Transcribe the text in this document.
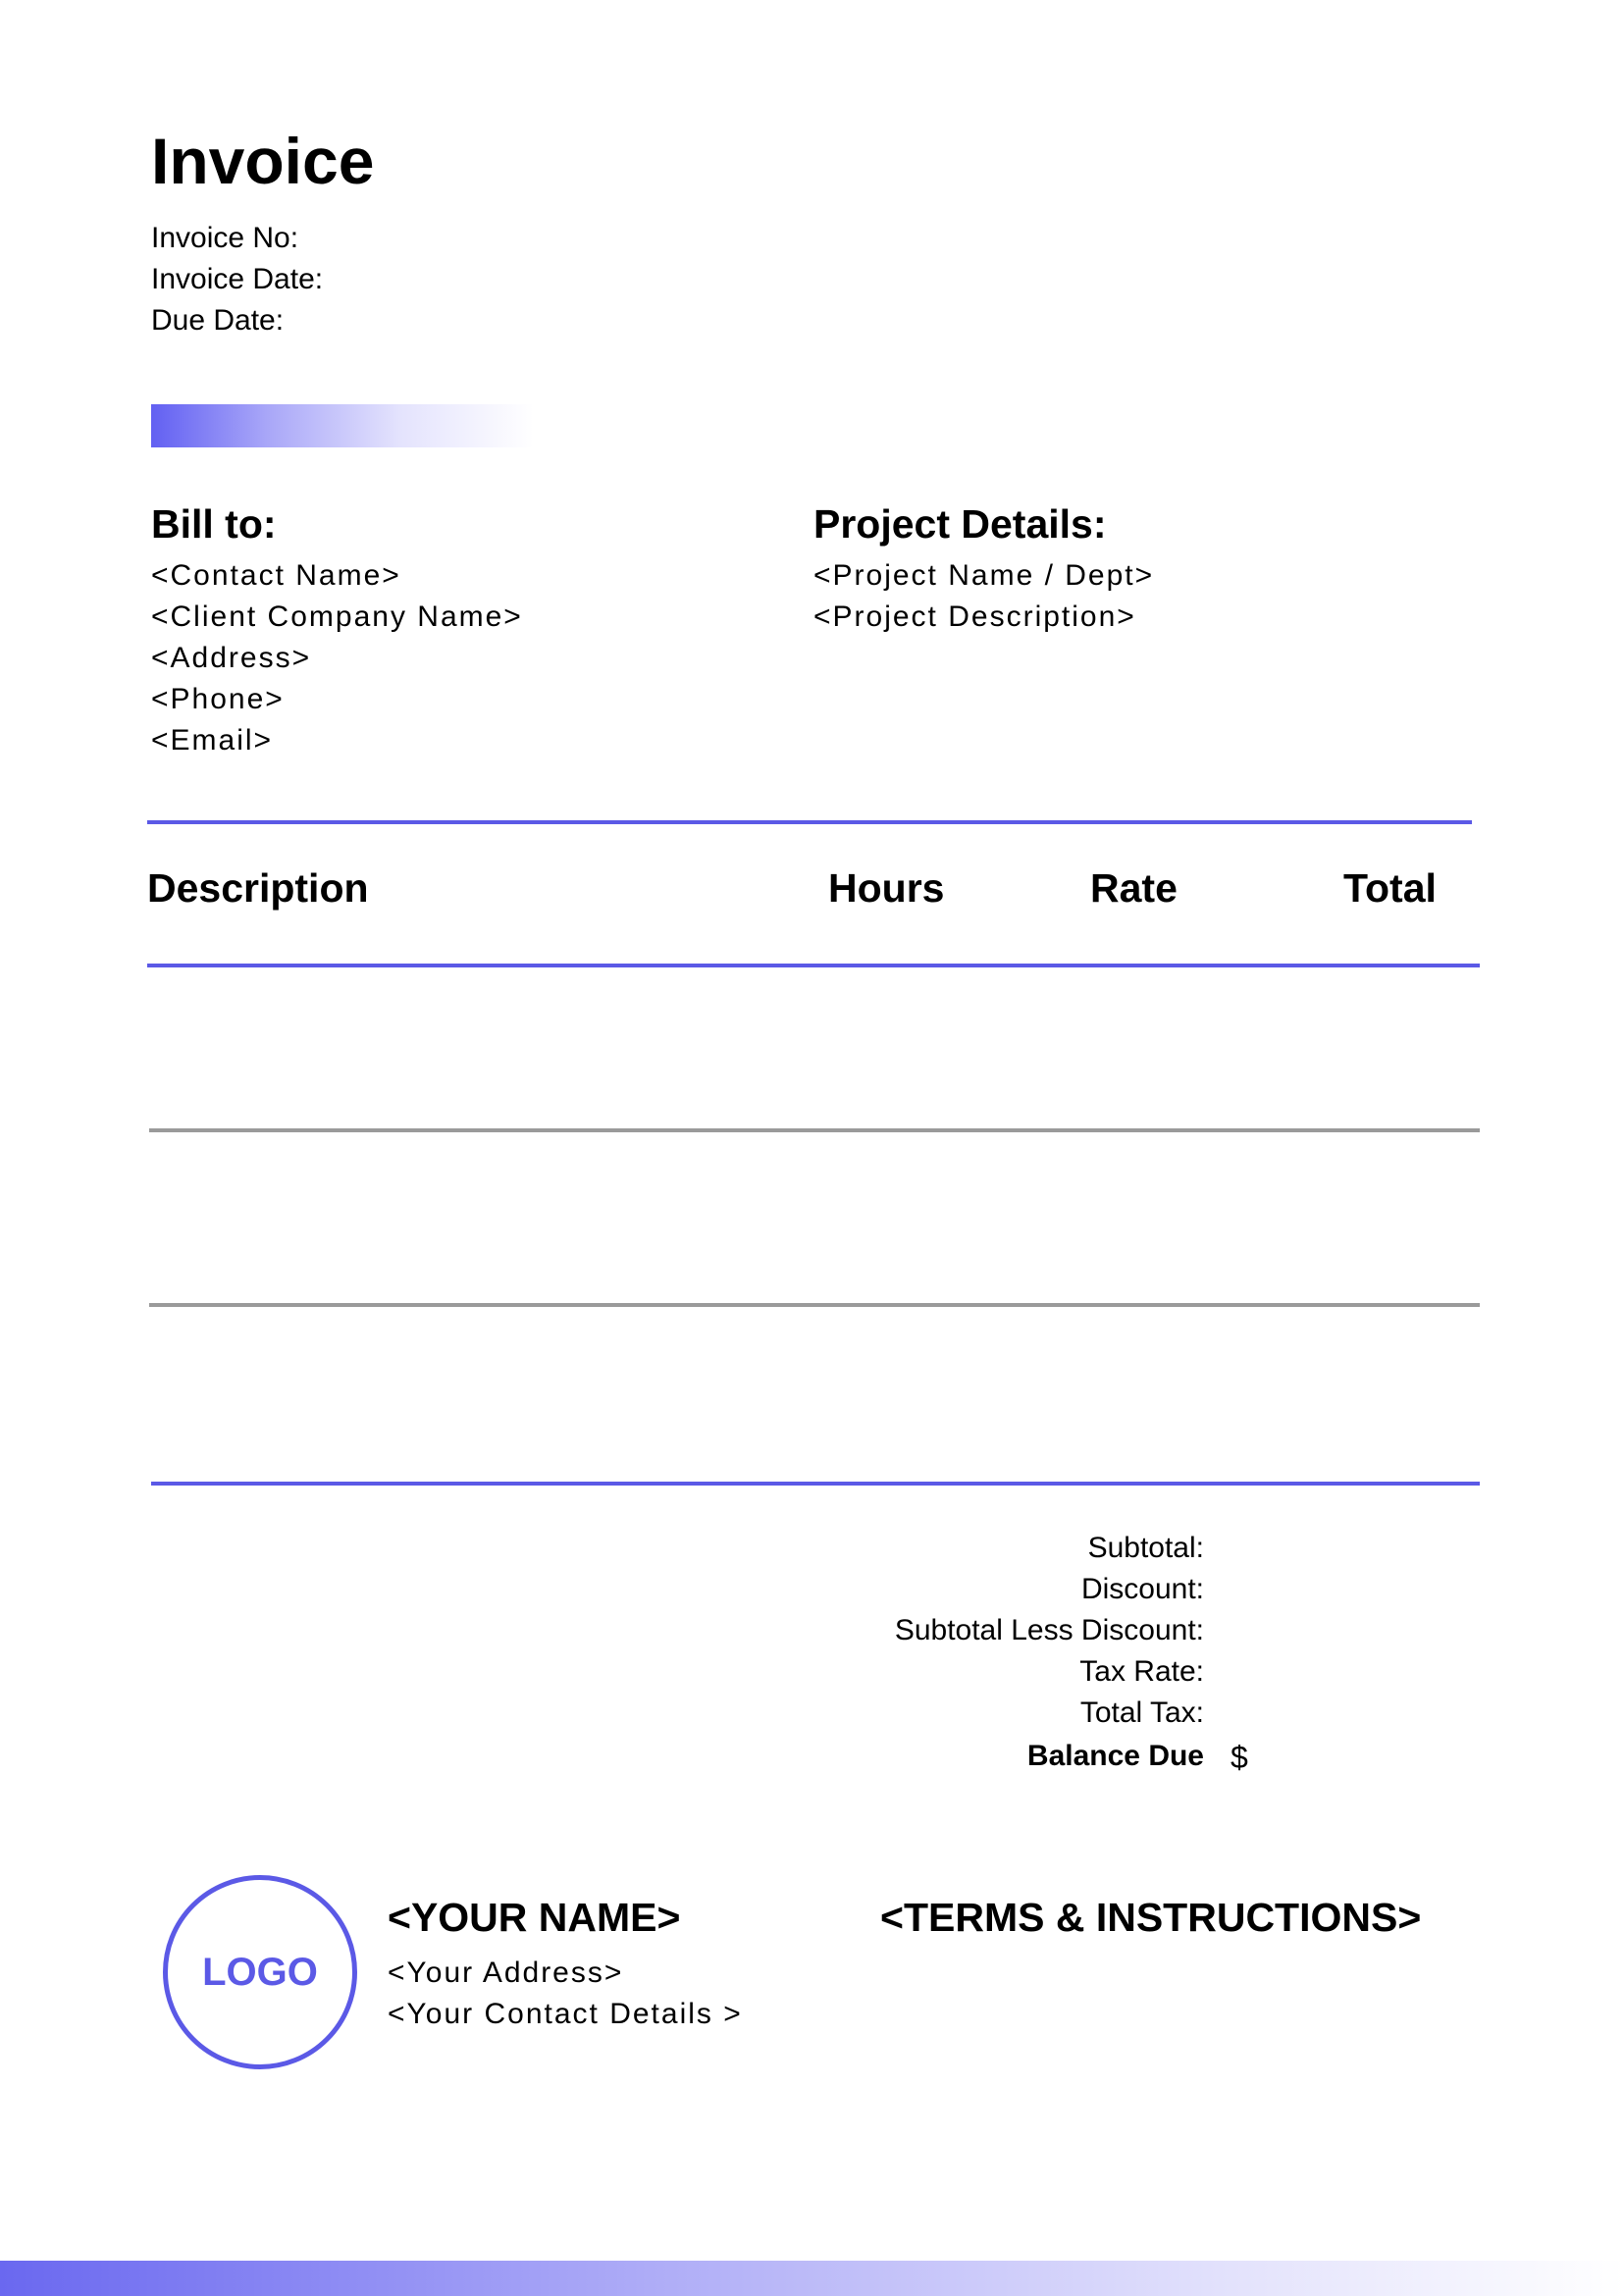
Invoice
Invoice No:
Invoice Date:
Due Date:
Bill to:
<Contact Name>
<Client Company Name>
<Address>
<Phone>
<Email>
Project Details:
<Project Name / Dept>
<Project Description>
Description	Hours	Rate	Total
Subtotal:
Discount:
Subtotal Less Discount:
Tax Rate:
Total Tax:
Balance Due $
LOGO
<YOUR NAME>
<Your Address>
<Your Contact Details >
<TERMS & INSTRUCTIONS>
